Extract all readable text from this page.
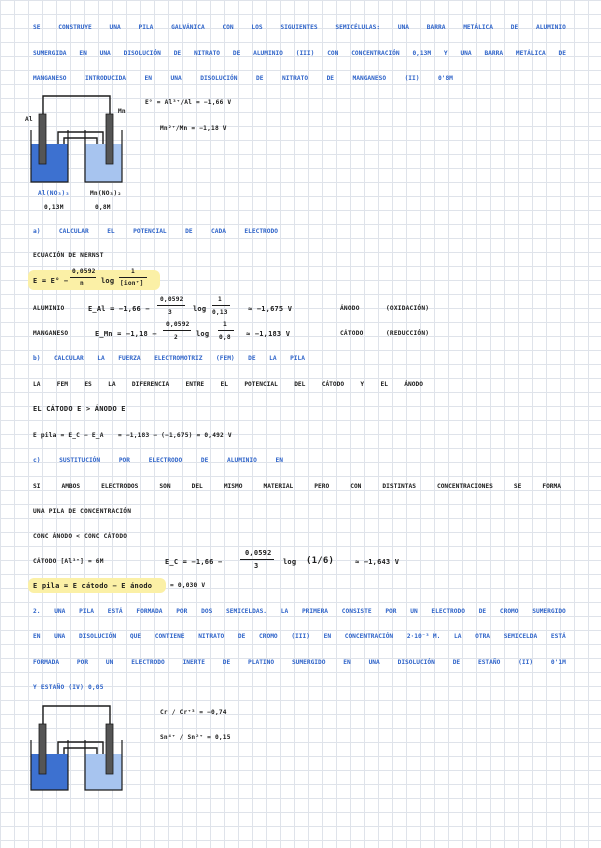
SE	CONSTRUYE	UNA	PILA	GALVÁNICA	CON	LOS	SIGUIENTES	SEMICÉLULAS:	UNA	BARRA	METÁLICA	DE	ALUMINIO
SUMERGIDA EN UNA DISOLUCIÓN DE NITRATO DE ALUMINIO (III) CON CONCENTRACIÓN 0,13M Y UNA BARRA METÁLICA DE
MANGANESO	INTRODUCIDA	EN	UNA	DISOLUCIÓN	DE	NITRATO	DE	MANGANESO	(II)	0'8M
Al
Mn
E° = Al³⁺/Al = −1,66 V
Mn²⁺/Mn = −1,18 V
Al(NO₃)₃
0,13M
Mn(NO₃)₂
0,8M
a)	CALCULAR	EL	POTENCIAL	DE	CADA	ELECTRODO
ECUACIÓN DE NERNST
E = E° −
0,0592
n log
1
[ion⁺]
ALUMINIO	E_Al = −1,66 −
0,0592
3	log
1
0,13	≈ −1,675 V	ÁNODO	(OXIDACIÓN)
MANGANESO	E_Mn = −1,18 −
0,0592
2	log
1
0,8 ≈ −1,183 V	CÁTODO	(REDUCCIÓN)
b) CALCULAR LA FUERZA ELECTROMOTRIZ (FEM) DE LA PILA
LA	FEM	ES	LA	DIFERENCIA	ENTRE	EL	POTENCIAL	DEL	CÁTODO	Y	EL	ÁNODO
EL CÁTODO E > ÁNODO E
E pila = E_C − E_A = −1,183 − (−1,675) = 0,492 V
c)	SUSTITUCIÓN	POR	ELECTRODO	DE	ALUMINIO	EN
SI	AMBOS	ELECTRODOS	SON	DEL	MISMO	MATERIAL	PERO	CON	DISTINTAS	CONCENTRACIONES	SE	FORMA
UNA PILA DE CONCENTRACIÓN
CONC ÁNODO < CONC CÁTODO
CÁTODO [Al³⁺] = 6M	E_C = −1,66 −
0,0592
3	log (1/6)	≈ −1,643 V
E pila = E cátodo − E ánodo	= 0,030 V
2. UNA PILA ESTÁ FORMADA POR DOS SEMICELDAS. LA PRIMERA CONSISTE POR UN ELECTRODO DE CROMO SUMERGIDO
EN UNA DISOLUCIÓN QUE CONTIENE NITRATO DE CROMO (III) EN CONCENTRACIÓN 2·10⁻³ M. LA OTRA SEMICELDA ESTÁ
FORMADA	POR	UN	ELECTRODO	INERTE	DE	PLATINO	SUMERGIDO	EN	UNA	DISOLUCIÓN	DE	ESTAÑO	(II)	0'1M
Y ESTAÑO (IV) 0,05
Cr / Cr⁺³ = −0,74
Sn⁴⁺ / Sn²⁺ = 0,15
